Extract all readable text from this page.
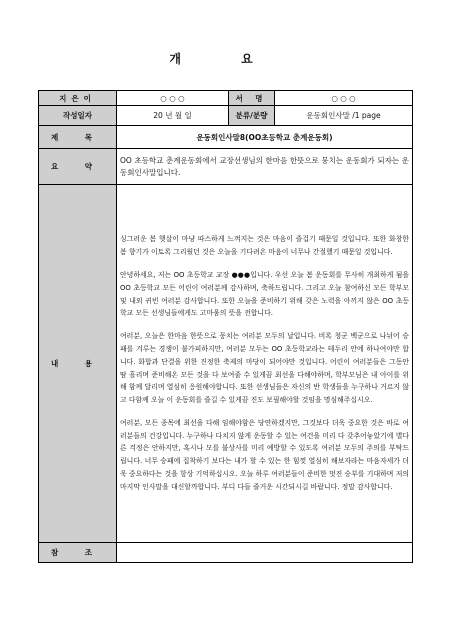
개 요
지은이	○ ○ ○	서 명	○ ○ ○
작성일자	20 년 월 일	분류/분량	운동회인사말 /1 page
제 목	운동회인사말8(OO초등학교 춘계운동회)		
요 약	OO 초등학교 춘계운동회에서 교장선생님의 한마음 한뜻으로 뭉치는 운동회가 되자는 운동회인사말입니다.		
내 용	싱그러운 봄 햇살이 마냥 따스하게 느껴지는 것은 마음이 즐겁기 때문일 것입니다. 또한 화창한 봄 향기가 이토록 그리웠던 것은 오늘을 기다려온 마음이 너무나 간절했기 때문일 것입니다.

안녕하세요, 저는 OO 초등학교 교장 ●●●입니다. 우선 오늘 봄 운동회를 무사히 개최하게 됨을 OO 초등학교 모든 어린이 여러분께 감사하며, 축하드립니다. 그리고 오늘 참여하신 모든 학부모 및 내외 귀빈 여러분 감사합니다. 또한 오늘을 준비하기 위해 갖은 노력을 아끼지 않은 OO 초등학교 모든 선생님들에게도 고마움의 뜻을 전합니다.

여러분, 오늘은 한마음 한뜻으로 뭉치는 여러분 모두의 날입니다. 비록 청군 백군으로 나뉘어 승패를 겨루는 경쟁이 불가피하지만, 여러분 모두는 OO 초등학교라는 테두리 안에 하나여야만 합니다. 화합과 단결을 위한 진정한 축제의 마당이 되어야만 것입니다. 어린이 여러분들은 그동안 땀 흘리며 준비해온 모든 것을 다 보여줄 수 있게끔 최선을 다해야하며, 학부모님은 내 아이를 위해 함께 달리며 열심히 응원해야합니다. 또한 선생님들은 자신의 반 학생들을 누구하나 거르지 않고 다함께 오늘 이 운동회를 즐길 수 있게끔 진도 보필해야할 것임을 명심해주십시오.

여러분, 모든 종목에 최선을 다해 임해야함은 당연하겠지만, 그것보다 더욱 중요한 것은 바로 여러분들의 건강입니다. 누구하나 다치지 않게 운동할 수 있는 여건을 미리 다 갖추어놓았기에 별다른 걱정은 안하지만, 혹시나 모를 불상사를 미리 예방할 수 있도록 여러분 모두의 주의를 부탁드립니다. 너무 승패에 집착하기 보다는 내가 할 수 있는 한 힘껏 열심히 해보자라는 마음자세가 더욱 중요하다는 것을 항상 기억하십시오. 오늘 하루 여러분들이 준비한 멋진 승부를 기대하며 저의 마지막 인사말을 대신할까합니다. 부디 다들 즐거운 시간되시길 바랍니다. 정말 감사합니다.		

참 조			
